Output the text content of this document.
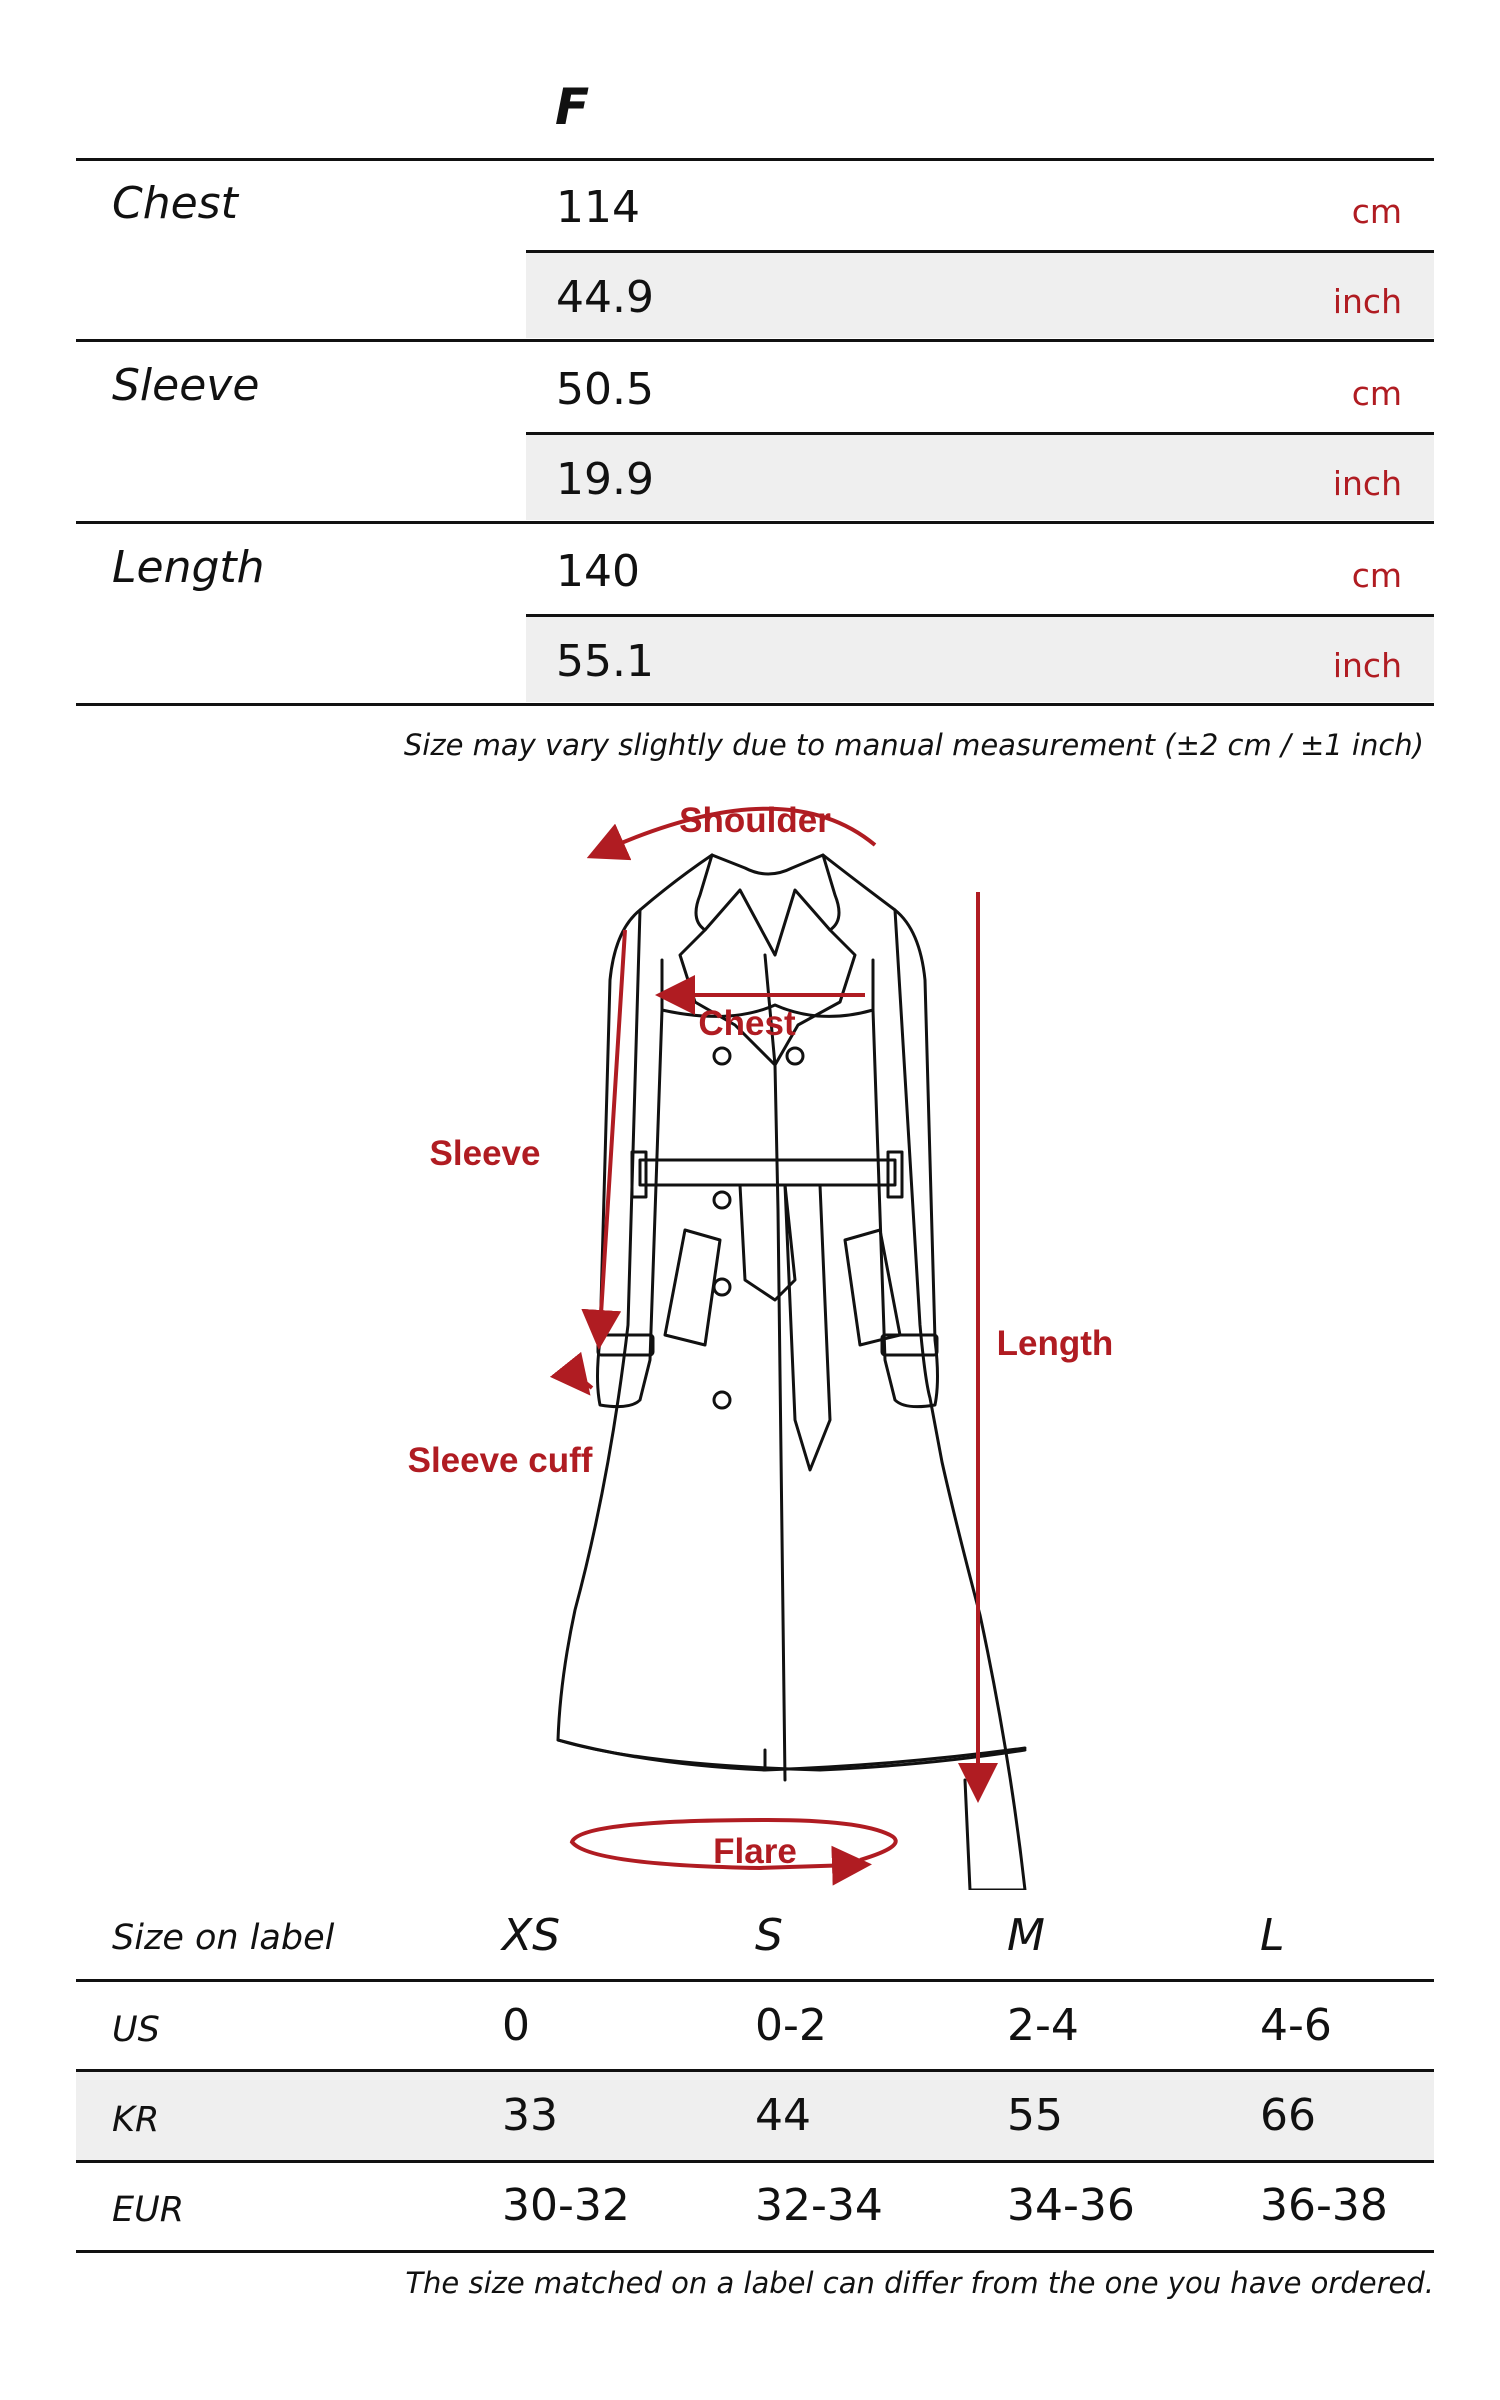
F
Chest	114	cm
44.9	inch
Sleeve	50.5	cm
19.9	inch
Length	140	cm
55.1	inch
Size may vary slightly due to manual measurement (±2 cm / ±1 inch)
Shoulder
Chest
Sleeve
Sleeve cuff
Length
Flare
Size on label	XS	S	M	L
US	0	0-2	2-4	4-6
KR	33	44	55	66
EUR	30-32	32-34	34-36	36-38
The size matched on a label can differ from the one you have ordered.
